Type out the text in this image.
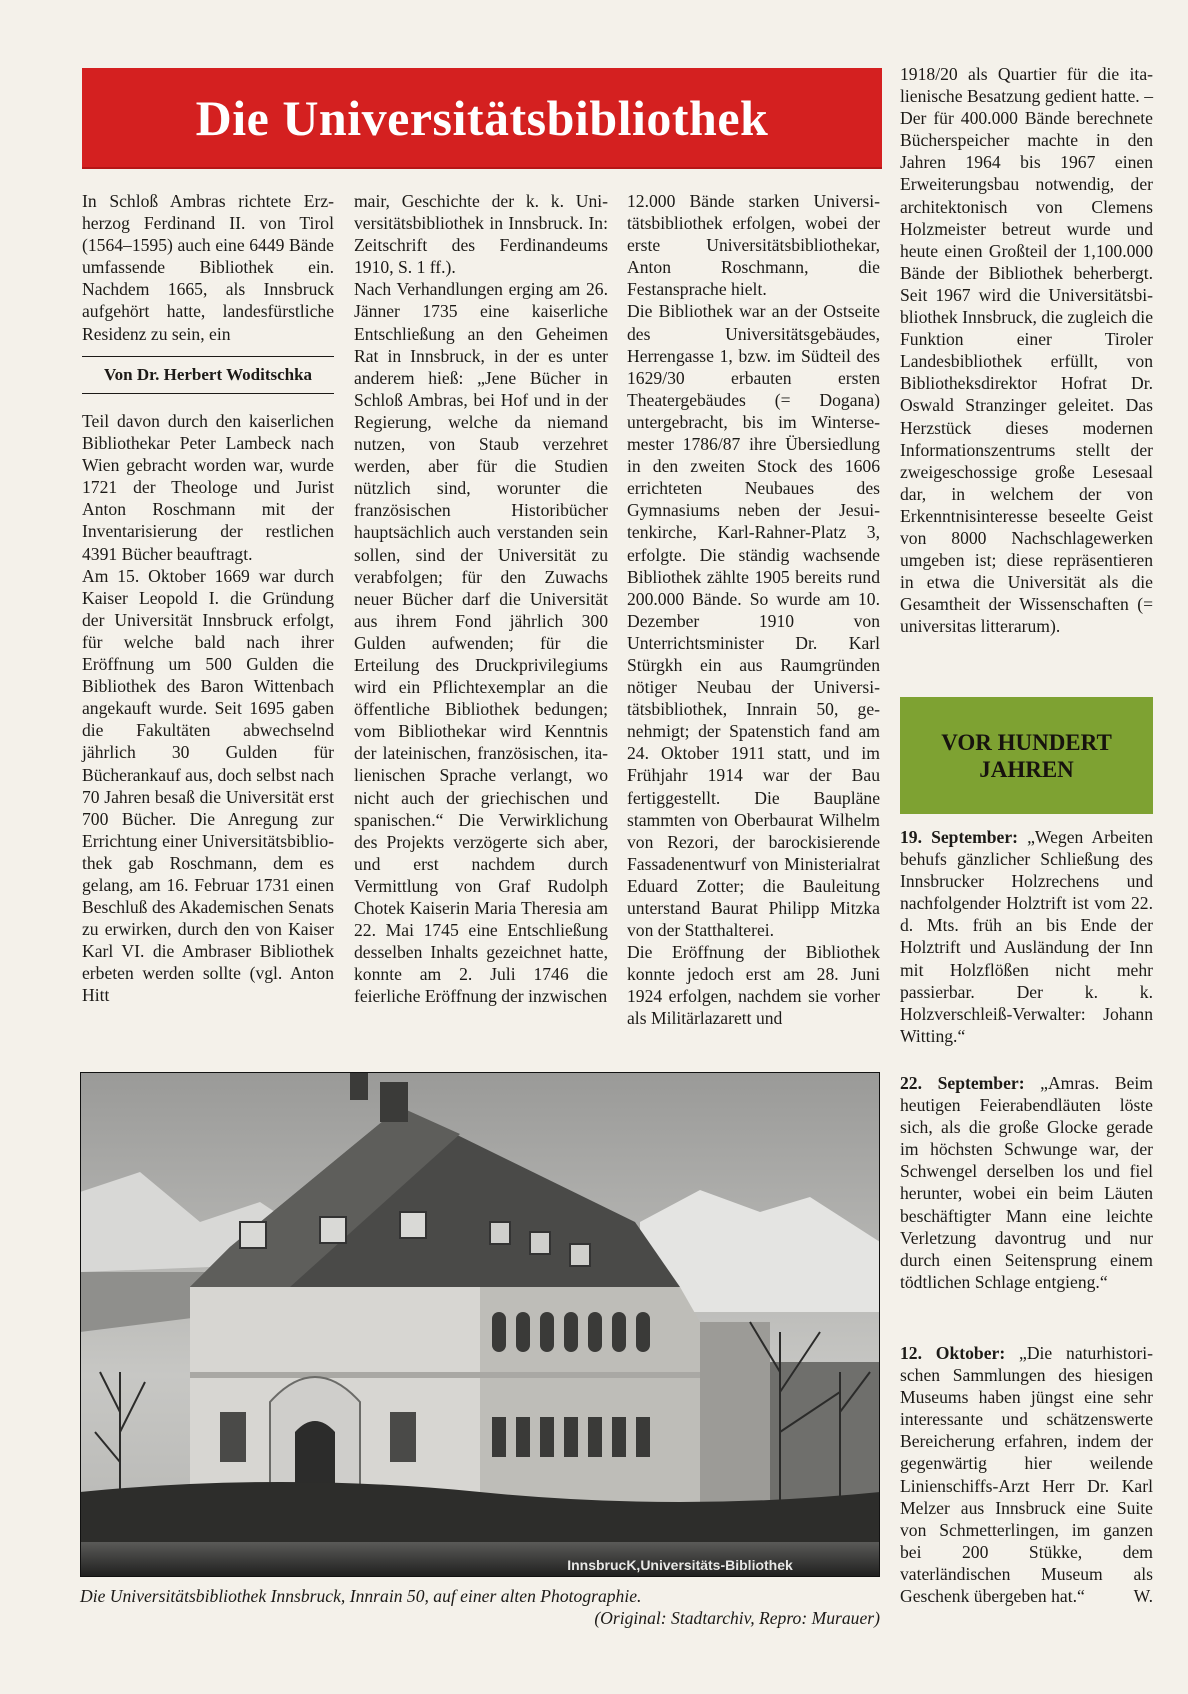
Die Universitätsbibliothek

In Schloß Ambras richtete Erzherzog Ferdinand II. von Tirol (1564–1595) auch eine 6449 Bände umfassende Bibliothek ein. Nachdem 1665, als Innsbruck aufgehört hatte, landesfürstliche Residenz zu sein, ein

Von Dr. Herbert Woditschka

Teil davon durch den kaiserlichen Bibliothekar Peter Lambeck nach Wien gebracht worden war, wurde 1721 der Theologe und Jurist Anton Roschmann mit der Inventarisierung der restlichen 4391 Bücher beauftragt.

Am 15. Oktober 1669 war durch Kaiser Leopold I. die Gründung der Universität Innsbruck erfolgt, für welche bald nach ihrer Eröffnung um 500 Gulden die Bibliothek des Baron Wittenbach angekauft wurde. Seit 1695 gaben die Fakultäten abwechselnd jährlich 30 Gulden für Bücherankauf aus, doch selbst nach 70 Jahren besaß die Universität erst 700 Bücher. Die Anregung zur Errichtung einer Universitätsbibliothek gab Roschmann, dem es gelang, am 16. Februar 1731 einen Beschluß des Akademischen Senats zu erwirken, durch den von Kaiser Karl VI. die Ambraser Bibliothek erbeten werden sollte (vgl. Anton Hitt

mair, Geschichte der k. k. Universitätsbibliothek in Innsbruck. In: Zeitschrift des Ferdinandeums 1910, S. 1 ff.).

Nach Verhandlungen erging am 26. Jänner 1735 eine kaiserliche Entschließung an den Geheimen Rat in Innsbruck, in der es unter anderem hieß: „Jene Bücher in Schloß Ambras, bei Hof und in der Regierung, welche da niemand nutzen, von Staub verzehret werden, aber für die Studien nützlich sind, worunter die französischen Historibücher hauptsächlich auch verstanden sein sollen, sind der Universität zu verabfolgen; für den Zuwachs neuer Bücher darf die Universität aus ihrem Fond jährlich 300 Gulden aufwenden; für die Erteilung des Druckprivilegiums wird ein Pflichtexemplar an die öffentliche Bibliothek bedungen; vom Bibliothekar wird Kenntnis der lateinischen, französischen, italienischen Sprache verlangt, wo nicht auch der griechischen und spanischen.“ Die Verwirklichung des Projekts verzögerte sich aber, und erst nachdem durch Vermittlung von Graf Rudolph Chotek Kaiserin Maria Theresia am 22. Mai 1745 eine Entschließung desselben Inhalts gezeichnet hatte, konnte am 2. Juli 1746 die feierliche Eröffnung der inzwischen

12.000 Bände starken Universitätsbibliothek erfolgen, wobei der erste Universitätsbibliothekar, Anton Roschmann, die Festansprache hielt.

Die Bibliothek war an der Ostseite des Universitätsgebäudes, Herrengasse 1, bzw. im Südteil des 1629/30 erbauten ersten Theatergebäudes (= Dogana) untergebracht, bis im Wintersemester 1786/87 ihre Übersiedlung in den zweiten Stock des 1606 errichteten Neubaues des Gymnasiums neben der Jesuitenkirche, Karl-Rahner-Platz 3, erfolgte. Die ständig wachsende Bibliothek zählte 1905 bereits rund 200.000 Bände. So wurde am 10. Dezember 1910 von Unterrichtsminister Dr. Karl Stürgkh ein aus Raumgründen nötiger Neubau der Universitätsbibliothek, Innrain 50, genehmigt; der Spatenstich fand am 24. Oktober 1911 statt, und im Frühjahr 1914 war der Bau fertiggestellt. Die Baupläne stammten von Oberbaurat Wilhelm von Rezori, der barockisierende Fassadenentwurf von Ministerialrat Eduard Zotter; die Bauleitung unterstand Baurat Philipp Mitzka von der Statthalterei.

Die Eröffnung der Bibliothek konnte jedoch erst am 28. Juni 1924 erfolgen, nachdem sie vorher als Militärlazarett und

1918/20 als Quartier für die italienische Besatzung gedient hatte. – Der für 400.000 Bände berechnete Bücherspeicher machte in den Jahren 1964 bis 1967 einen Erweiterungsbau notwendig, der architektonisch von Clemens Holzmeister betreut wurde und heute einen Großteil der 1,100.000 Bände der Bibliothek beherbergt. Seit 1967 wird die Universitätsbibliothek Innsbruck, die zugleich die Funktion einer Tiroler Landesbibliothek erfüllt, von Bibliotheksdirektor Hofrat Dr. Oswald Stranzinger geleitet. Das Herzstück dieses modernen Informationszentrums stellt der zweigeschossige große Lesesaal dar, in welchem der von Erkenntnisinteresse beseelte Geist von 8000 Nachschlagewerken umgeben ist; diese repräsentieren in etwa die Universität als die Gesamtheit der Wissenschaften (= universitas litterarum).

VOR HUNDERT JAHREN

19. September: „Wegen Arbeiten behufs gänzlicher Schließung des Innsbrucker Holzrechens und nachfolgender Holztrift ist vom 22. d. Mts. früh an bis Ende der Holztrift und Ausländung der Inn mit Holzflößen nicht mehr passierbar. Der k. k. Holzverschleiß-Verwalter: Johann Witting.“

22. September: „Amras. Beim heutigen Feierabendläuten löste sich, als die große Glocke gerade im höchsten Schwunge war, der Schwengel derselben los und fiel herunter, wobei ein beim Läuten beschäftigter Mann eine leichte Verletzung davontrug und nur durch einen Seitensprung einem tödtlichen Schlage entgieng.“

12. Oktober: „Die naturhistorischen Sammlungen des hiesigen Museums haben jüngst eine sehr interessante und schätzenswerte Bereicherung erfahren, indem der gegenwärtig hier weilende Linienschiffs-Arzt Herr Dr. Karl Melzer aus Innsbruck eine Suite von Schmetterlingen, im ganzen bei 200 Stükke, dem vaterländischen Museum als Geschenk übergeben hat.“	W.

InnsbrucK,Universitäts-Bibliothek
Die Universitätsbibliothek Innsbruck, Innrain 50, auf einer alten Photographie.
(Original: Stadtarchiv, Repro: Murauer)
